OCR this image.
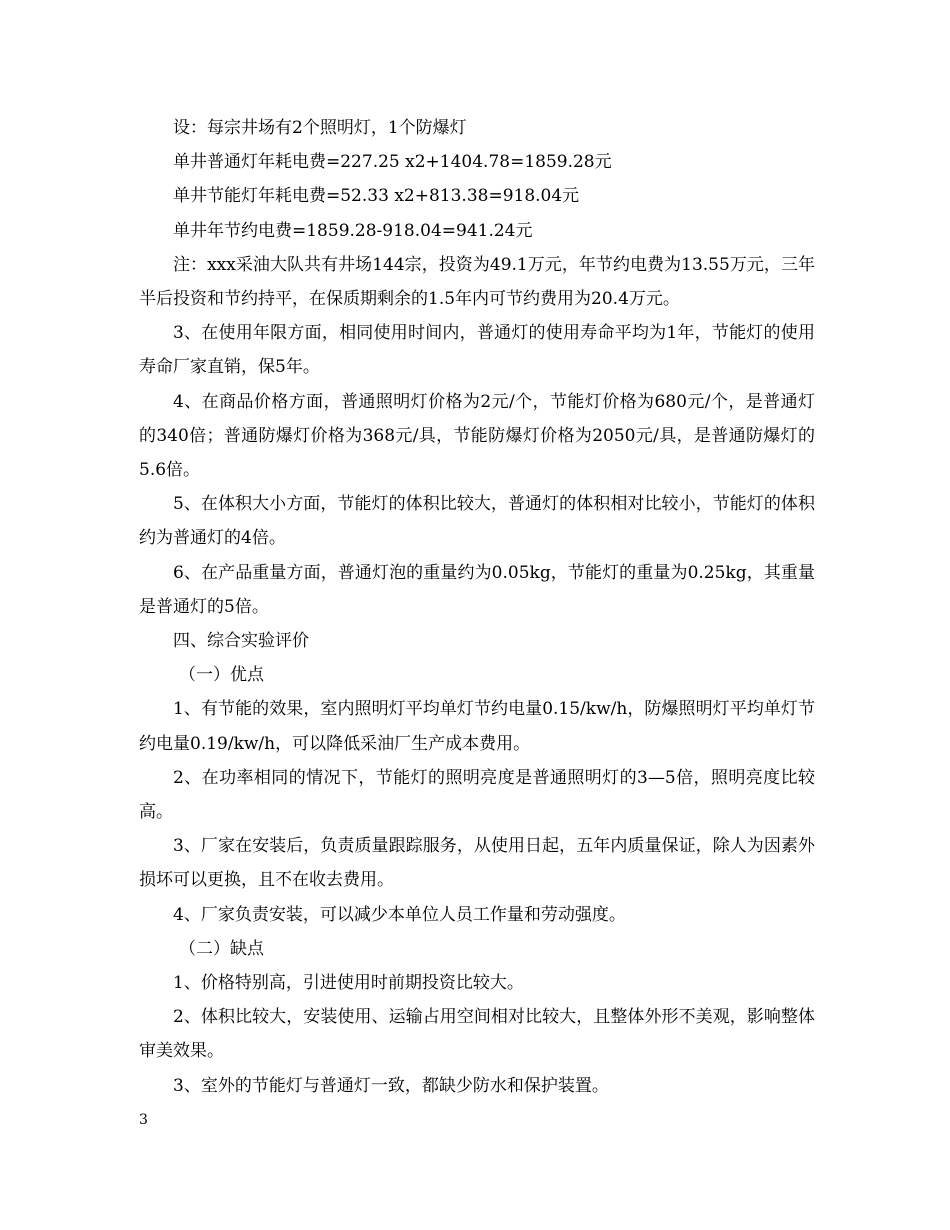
设：每宗井场有2个照明灯，1个防爆灯

单井普通灯年耗电费=227.25 x2+1404.78=1859.28元

单井节能灯年耗电费=52.33 x2+813.38=918.04元

单井年节约电费=1859.28-918.04=941.24元

注：xxx采油大队共有井场144宗，投资为49.1万元，年节约电费为13.55万元，三年半后投资和节约持平，在保质期剩余的1.5年内可节约费用为20.4万元。

3、在使用年限方面，相同使用时间内，普通灯的使用寿命平均为1年，节能灯的使用寿命厂家直销，保5年。

4、在商品价格方面，普通照明灯价格为2元/个，节能灯价格为680元/个，是普通灯的340倍；普通防爆灯价格为368元/具，节能防爆灯价格为2050元/具，是普通防爆灯的5.6倍。

5、在体积大小方面，节能灯的体积比较大，普通灯的体积相对比较小，节能灯的体积约为普通灯的4倍。

6、在产品重量方面，普通灯泡的重量约为0.05kg，节能灯的重量为0.25kg，其重量是普通灯的5倍。

四、综合实验评价

（一）优点

1、有节能的效果，室内照明灯平均单灯节约电量0.15/kw/h，防爆照明灯平均单灯节约电量0.19/kw/h，可以降低采油厂生产成本费用。

2、在功率相同的情况下，节能灯的照明亮度是普通照明灯的3—5倍，照明亮度比较高。

3、厂家在安装后，负责质量跟踪服务，从使用日起，五年内质量保证，除人为因素外损坏可以更换，且不在收去费用。

4、厂家负责安装，可以减少本单位人员工作量和劳动强度。

（二）缺点

1、价格特别高，引进使用时前期投资比较大。

2、体积比较大，安装使用、运输占用空间相对比较大，且整体外形不美观，影响整体审美效果。

3、室外的节能灯与普通灯一致，都缺少防水和保护装置。

3
